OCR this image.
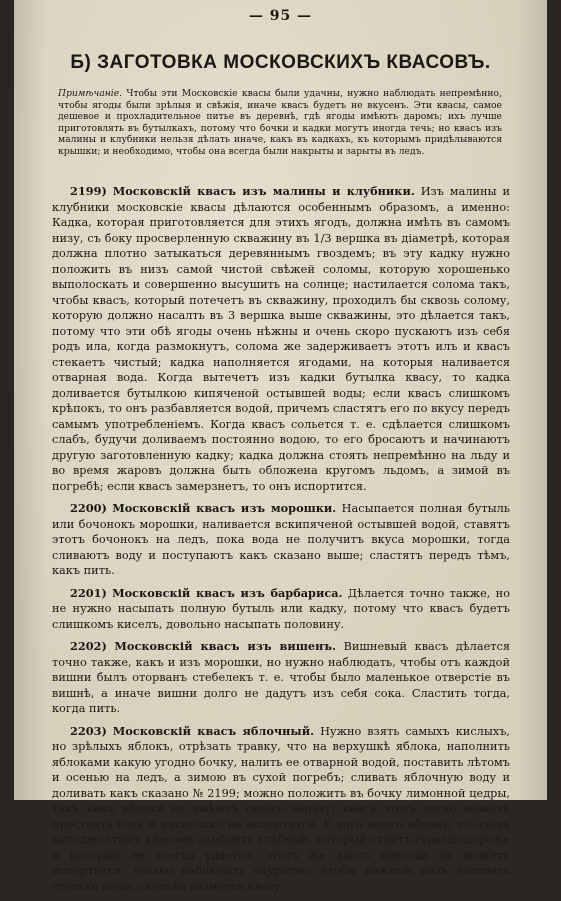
— 95 —
Б) ЗАГОТОВКА МОСКОВСКИХЪ КВАСОВЪ.
Примѣчаніе. Чтобы эти Московскіе квасы были удачны, нужно наблюдать непремѣнно, чтобы ягоды были зрѣлыя и свѣжія, иначе квасъ будетъ не вкусенъ. Эти квасы, самое дешевое и прохладительное питье въ деревнѣ, гдѣ ягоды имѣютъ даромъ; ихъ лучше приготовлять въ бутылкахъ, потому что бочки и кадки могутъ иногда течь; но квасъ изъ малины и клубники нельзя дѣлать иначе, какъ въ кадкахъ, къ которымъ придѣлываются крышки; и необходимо, чтобы она всегда были накрыты и зарыты въ ледъ.

2199) Московскій квасъ изъ малины и клубники. Изъ малины и клубники московскіе квасы дѣлаются особеннымъ образомъ, а именно: Кадка, которая приготовляется для этихъ ягодъ, должна имѣть въ самомъ низу, съ боку просверленную скважину въ 1/3 вершка въ діаметрѣ, которая должна плотно затыкаться деревяннымъ гвоздемъ; въ эту кадку нужно положить въ низъ самой чистой свѣжей соломы, которую хорошенько выполоскать и совершенно высушить на солнце; настилается солома такъ, чтобы квасъ, который потечетъ въ скважину, проходилъ бы сквозь солому, которую должно насалть въ 3 вершка выше скважины, это дѣлается такъ, потому что эти обѣ ягоды очень нѣжны и очень скоро пускаютъ изъ себя родъ ила, когда размокнутъ, солома же задерживаетъ этотъ илъ и квасъ стекаетъ чистый; кадка наполняется ягодами, на которыя наливается отварная вода. Когда вытечетъ изъ кадки бутылка квасу, то кадка доливается бутылкою кипяченой остывшей воды; если квасъ слишкомъ крѣпокъ, то онъ разбавляется водой, причемъ сластятъ его по вкусу передъ самымъ употребленіемъ. Когда квасъ сольется т. е. сдѣлается слишкомъ слабъ, будучи доливаемъ постоянно водою, то его бросаютъ и начинаютъ другую заготовленную кадку; кадка должна стоять непремѣнно на льду и во время жаровъ должна быть обложена кругомъ льдомъ, а зимой въ погребѣ; если квасъ замерзнетъ, то онъ испортится.

2200) Московскій квасъ изъ морошки. Насыпается полная бутыль или бочонокъ морошки, наливается вскипяченой остывшей водой, ставятъ этотъ бочонокъ на ледъ, пока вода не получитъ вкуса морошки, тогда сливаютъ воду и поступаютъ какъ сказано выше; сластятъ передъ тѣмъ, какъ пить.

2201) Московскій квасъ изъ барбариса. Дѣлается точно также, но не нужно насыпать полную бутыль или кадку, потому что квасъ будетъ слишкомъ киселъ, довольно насыпать половину.

2202) Московскій квасъ изъ вишенъ. Вишневый квасъ дѣлается точно также, какъ и изъ морошки, но нужно наблюдать, чтобы отъ каждой вишни былъ оторванъ стебелекъ т. е. чтобы было маленькое отверстіе въ вишнѣ, а иначе вишни долго не дадутъ изъ себя сока. Сластить тогда, когда пить.

2203) Московскій квасъ яблочный. Нужно взять самыхъ кислыхъ, но зрѣлыхъ яблокъ, отрѣзать травку, что на верхушкѣ яблока, наполнить яблоками какую угодно бочку, налить ее отварной водой, поставить лѣтомъ и осенью на ледъ, а зимою въ сухой погребъ; сливать яблочную воду и доливать какъ сказано № 2199; можно положить въ бочку лимонной цедры, такъ какъ яблоки не имѣютъ своего запаху; квасъ этотъ легко можетъ простоять годъ и нисколько не испортится. У кого много яблокъ, то очень выгодно этимъ квасомъ замѣнять хлѣбный, который стоитъ гораздо дороже и который не всегда удается, этотъ же квасъ никогда не можетъ испортится, только наблюдать акуратно, чтобы каждый разъ доливать столько воды, сколько возмется квасу.
